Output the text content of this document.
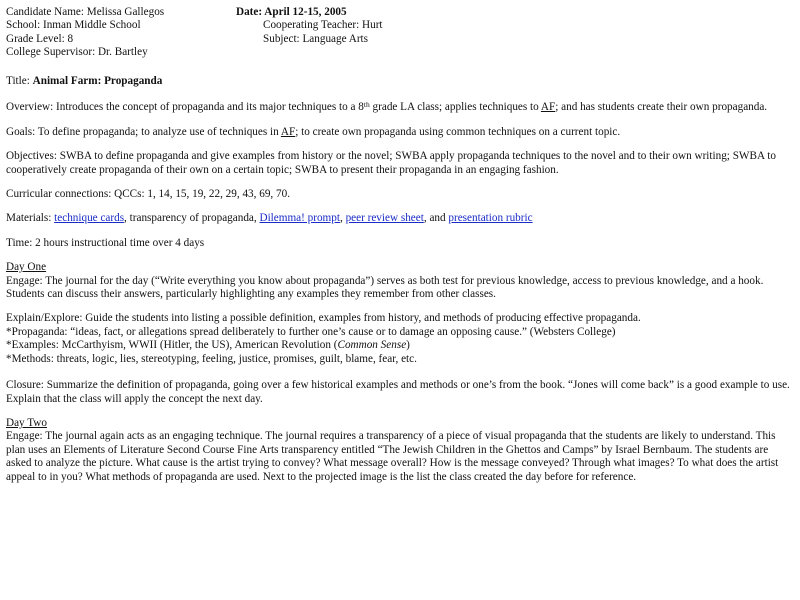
Candidate Name: Melissa Gallegos
School: Inman Middle School
Grade Level: 8
College Supervisor: Dr. Bartley
Date: April 12-15, 2005
Cooperating Teacher: Hurt
Subject: Language Arts
Title: Animal Farm: Propaganda
Overview: Introduces the concept of propaganda and its major techniques to a 8th grade LA class; applies techniques to AF; and has students create their own propaganda.
Goals: To define propaganda; to analyze use of techniques in AF; to create own propaganda using common techniques on a current topic.
Objectives: SWBA to define propaganda and give examples from history or the novel; SWBA apply propaganda techniques to the novel and to their own writing; SWBA to cooperatively create propaganda of their own on a certain topic; SWBA to present their propaganda in an engaging fashion.
Curricular connections: QCCs: 1, 14, 15, 19, 22, 29, 43, 69, 70.
Materials: technique cards, transparency of propaganda, Dilemma! prompt, peer review sheet, and presentation rubric
Time: 2 hours instructional time over 4 days
Day One
Engage: The journal for the day (“Write everything you know about propaganda”) serves as both test for previous knowledge, access to previous knowledge, and a hook. Students can discuss their answers, particularly highlighting any examples they remember from other classes.
Explain/Explore: Guide the students into listing a possible definition, examples from history, and methods of producing effective propaganda.
*Propaganda: “ideas, fact, or allegations spread deliberately to further one’s cause or to damage an opposing cause.” (Websters College)
*Examples: McCarthyism, WWII (Hitler, the US), American Revolution (Common Sense)
*Methods: threats, logic, lies, stereotyping, feeling, justice, promises, guilt, blame, fear, etc.
Closure: Summarize the definition of propaganda, going over a few historical examples and methods or one’s from the book. “Jones will come back” is a good example to use. Explain that the class will apply the concept the next day.
Day Two
Engage: The journal again acts as an engaging technique. The journal requires a transparency of a piece of visual propaganda that the students are likely to understand. This plan uses an Elements of Literature Second Course Fine Arts transparency entitled “The Jewish Children in the Ghettos and Camps” by Israel Bernbaum. The students are asked to analyze the picture. What cause is the artist trying to convey? What message overall? How is the message conveyed? Through what images? To what does the artist appeal to in you? What methods of propaganda are used. Next to the projected image is the list the class created the day before for reference.
